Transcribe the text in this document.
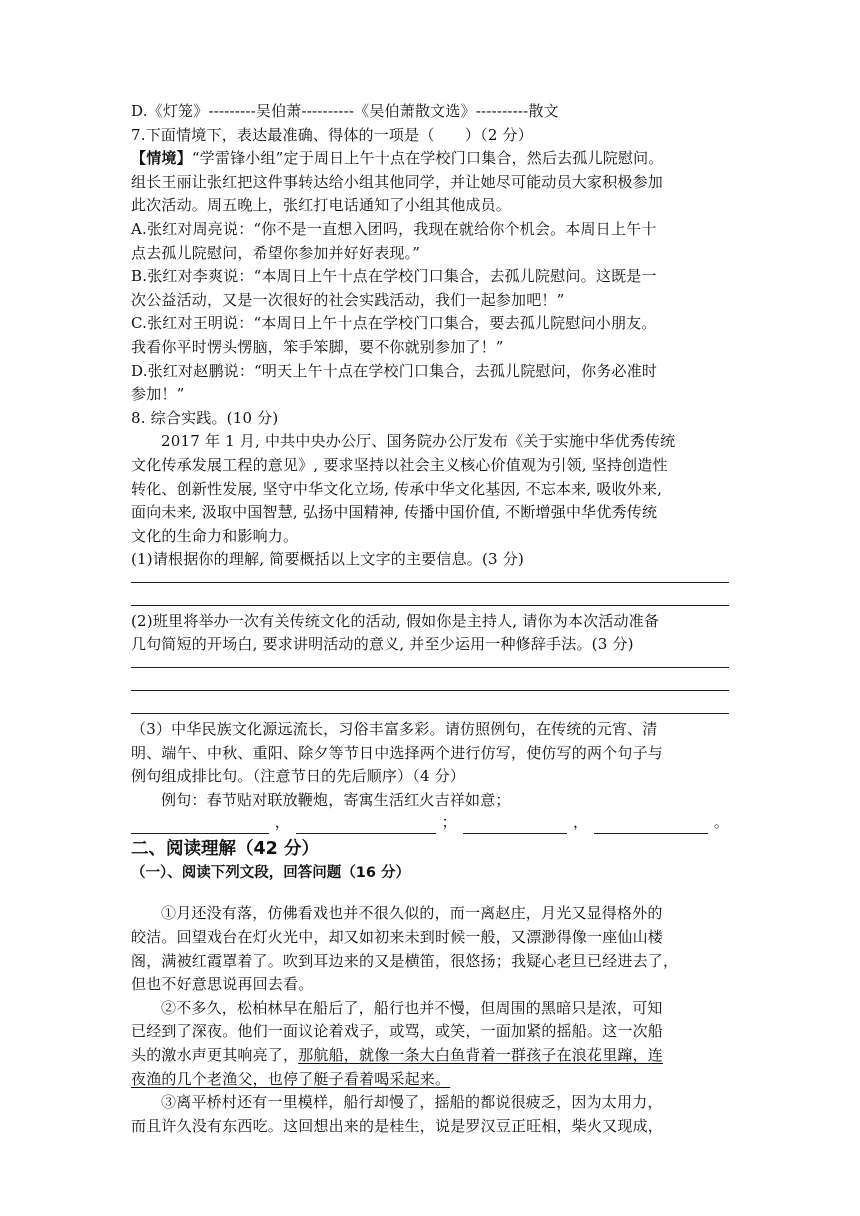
D.《灯笼》---------吴伯萧----------《吴伯萧散文选》----------散文
7.下面情境下，表达最准确、得体的一项是（　　）（2 分）
【情境】“学雷锋小组”定于周日上午十点在学校门口集合，然后去孤儿院慰问。
组长王丽让张红把这件事转达给小组其他同学，并让她尽可能动员大家积极参加
此次活动。周五晚上，张红打电话通知了小组其他成员。
A.张红对周亮说：“你不是一直想入团吗，我现在就给你个机会。本周日上午十
点去孤儿院慰问，希望你参加并好好表现。”
B.张红对李爽说：“本周日上午十点在学校门口集合，去孤儿院慰问。这既是一
次公益活动，又是一次很好的社会实践活动，我们一起参加吧！”
C.张红对王明说：“本周日上午十点在学校门口集合，要去孤儿院慰问小朋友。
我看你平时愣头愣脑，笨手笨脚，要不你就别参加了！”
D.张红对赵鹏说：“明天上午十点在学校门口集合，去孤儿院慰问，你务必准时
参加！”
8. 综合实践。(10 分)
2017 年 1 月, 中共中央办公厅、国务院办公厅发布《关于实施中华优秀传统
文化传承发展工程的意见》, 要求坚持以社会主义核心价值观为引领, 坚持创造性
转化、创新性发展, 坚守中华文化立场, 传承中华文化基因, 不忘本来, 吸收外来,
面向未来, 汲取中国智慧, 弘扬中国精神, 传播中国价值, 不断增强中华优秀传统
文化的生命力和影响力。
(1)请根据你的理解, 简要概括以上文字的主要信息。(3 分)
(2)班里将举办一次有关传统文化的活动, 假如你是主持人, 请你为本次活动准备
几句简短的开场白, 要求讲明活动的意义, 并至少运用一种修辞手法。(3 分)
（3）中华民族文化源远流长，习俗丰富多彩。请仿照例句，在传统的元宵、清
明、端午、中秋、重阳、除夕等节日中选择两个进行仿写，使仿写的两个句子与
例句组成排比句。（注意节日的先后顺序）（4 分）
例句：春节贴对联放鞭炮，寄寓生活红火吉祥如意；
，	；	，	。
二、阅读理解（42 分）
（一）、阅读下列文段，回答问题（16 分）
①月还没有落，仿佛看戏也并不很久似的，而一离赵庄，月光又显得格外的
皎洁。回望戏台在灯火光中，却又如初来未到时候一般，又漂渺得像一座仙山楼
阁，满被红霞罩着了。吹到耳边来的又是横笛，很悠扬；我疑心老旦已经进去了，
但也不好意思说再回去看。
②不多久，松柏林早在船后了，船行也并不慢，但周围的黑暗只是浓，可知
已经到了深夜。他们一面议论着戏子，或骂，或笑，一面加紧的摇船。这一次船
头的激水声更其响亮了，那航船，就像一条大白鱼背着一群孩子在浪花里蹿，连
夜渔的几个老渔父，也停了艇子看着喝采起来。
③离平桥村还有一里模样，船行却慢了，摇船的都说很疲乏，因为太用力，
而且许久没有东西吃。这回想出来的是桂生，说是罗汉豆正旺相，柴火又现成，
